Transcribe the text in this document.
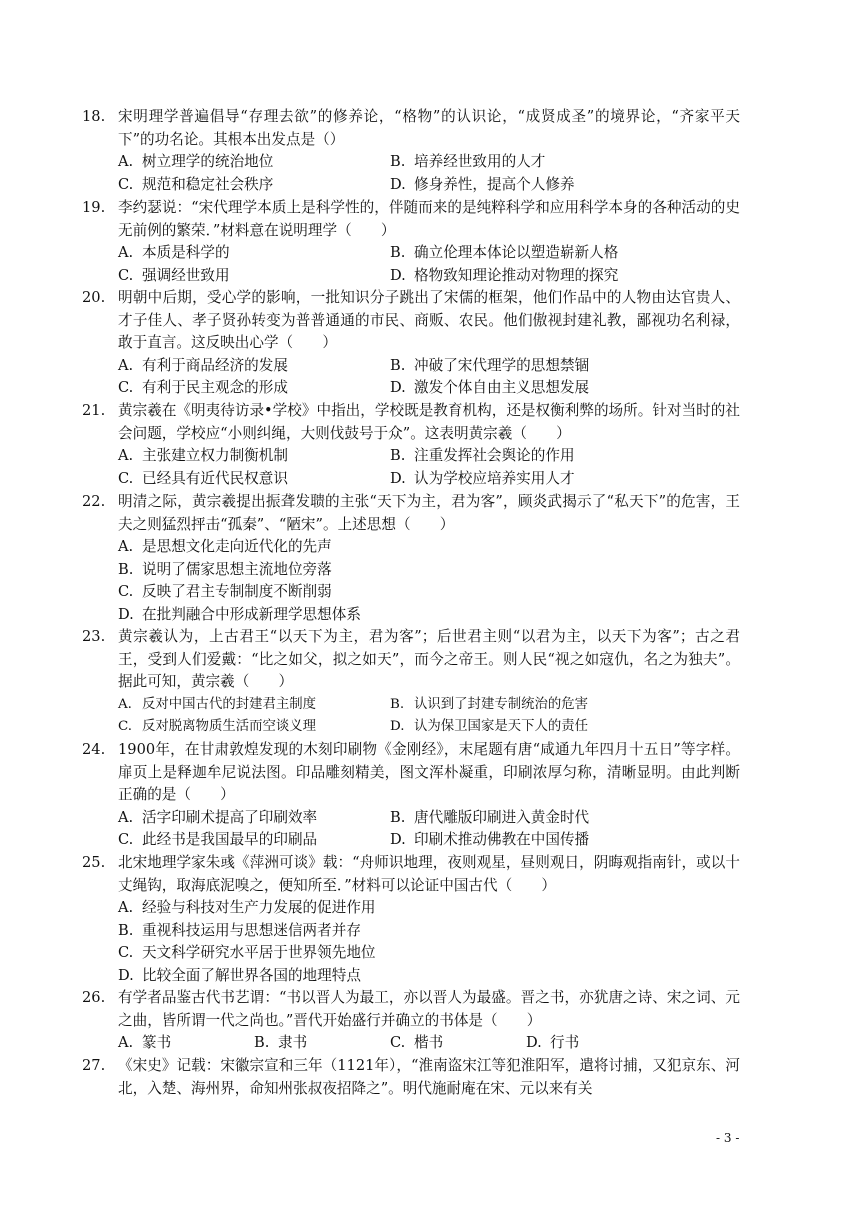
18. 宋明理学普遍倡导“存理去欲”的修养论，“格物”的认识论，“成贤成圣”的境界论，“齐家平天下”的功名论。其根本出发点是（）

A. 树立理学的统治地位	B. 培养经世致用的人才
C. 规范和稳定社会秩序	D. 修身养性，提高个人修养
19. 李约瑟说：“宋代理学本质上是科学性的，伴随而来的是纯粹科学和应用科学本身的各种活动的史无前例的繁荣．”材料意在说明理学（　　）

A. 本质是科学的	B. 确立伦理本体论以塑造崭新人格
C. 强调经世致用	D. 格物致知理论推动对物理的探究
20. 明朝中后期，受心学的影响，一批知识分子跳出了宋儒的框架，他们作品中的人物由达官贵人、才子佳人、孝子贤孙转变为普普通通的市民、商贩、农民。他们傲视封建礼教，鄙视功名利禄，敢于直言。这反映出心学（　　）

A. 有利于商品经济的发展	B. 冲破了宋代理学的思想禁锢
C. 有利于民主观念的形成	D. 激发个体自由主义思想发展
21. 黄宗羲在《明夷待访录•学校》中指出，学校既是教育机构，还是权衡利弊的场所。针对当时的社会问题，学校应“小则纠绳，大则伐鼓号于众”。这表明黄宗羲（　　）

A. 主张建立权力制衡机制	B. 注重发挥社会舆论的作用
C. 已经具有近代民权意识	D. 认为学校应培养实用人才
22. 明清之际，黄宗羲提出振聋发聩的主张“天下为主，君为客”，顾炎武揭示了“私天下”的危害，王夫之则猛烈抨击“孤秦”、“陋宋”。上述思想（　　）

A. 是思想文化走向近代化的先声
B. 说明了儒家思想主流地位旁落
C. 反映了君主专制制度不断削弱
D. 在批判融合中形成新理学思想体系
23. 黄宗羲认为，上古君王“以天下为主，君为客”；后世君主则“以君为主，以天下为客”；古之君王，受到人们爱戴：“比之如父，拟之如天”，而今之帝王。则人民“视之如寇仇，名之为独夫”。据此可知，黄宗羲（　　）

A. 反对中国古代的封建君主制度	B. 认识到了封建专制统治的危害
C. 反对脱离物质生活而空谈义理	D. 认为保卫国家是天下人的责任
24. 1900年，在甘肃敦煌发现的木刻印刷物《金刚经》，末尾题有唐“咸通九年四月十五日”等字样。扉页上是释迦牟尼说法图。印品雕刻精美，图文浑朴凝重，印刷浓厚匀称，清晰显明。由此判断正确的是（　　）

A. 活字印刷术提高了印刷效率	B. 唐代雕版印刷进入黄金时代
C. 此经书是我国最早的印刷品	D. 印刷术推动佛教在中国传播
25. 北宋地理学家朱彧《萍洲可谈》载：“舟师识地理，夜则观星，昼则观日，阴晦观指南针，或以十丈绳钩，取海底泥嗅之，便知所至．”材料可以论证中国古代（　　）

A. 经验与科技对生产力发展的促进作用
B. 重视科技运用与思想迷信两者并存
C. 天文科学研究水平居于世界领先地位
D. 比较全面了解世界各国的地理特点
26. 有学者品鉴古代书艺谓：“书以晋人为最工，亦以晋人为最盛。晋之书，亦犹唐之诗、宋之词、元之曲，皆所谓一代之尚也。”晋代开始盛行并确立的书体是（　　）

A. 篆书	B. 隶书	C. 楷书	D. 行书
27. 《宋史》记载：宋徽宗宣和三年（1121年），“淮南盗宋江等犯淮阳军，遣将讨捕，又犯京东、河北，入楚、海州界，命知州张叔夜招降之”。明代施耐庵在宋、元以来有关

- 3 -
